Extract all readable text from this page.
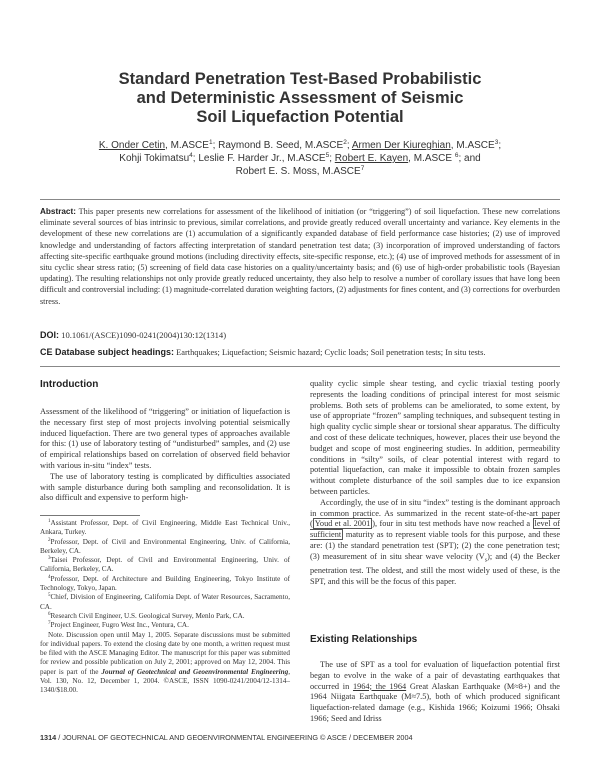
Standard Penetration Test-Based Probabilistic
and Deterministic Assessment of Seismic
Soil Liquefaction Potential
K. Onder Cetin, M.ASCE$^1$; Raymond B. Seed, M.ASCE$^2$; Armen Der Kiureghian, M.ASCE$^3$;
Kohji Tokimatsu$^4$; Leslie F. Harder Jr., M.ASCE$^5$; Robert E. Kayen, M.ASCE $^6$; and
Robert E. S. Moss, M.ASCE$^7$
Abstract: This paper presents new correlations for assessment of the likelihood of initiation (or “triggering”) of soil liquefaction. These new correlations eliminate several sources of bias intrinsic to previous, similar correlations, and provide greatly reduced overall uncertainty and variance. Key elements in the development of these new correlations are (1) accumulation of a significantly expanded database of field performance case histories; (2) use of improved knowledge and understanding of factors affecting interpretation of standard penetration test data; (3) incorporation of improved understanding of factors affecting site-specific earthquake ground motions (including directivity effects, site-specific response, etc.); (4) use of improved methods for assessment of in situ cyclic shear stress ratio; (5) screening of field data case histories on a quality/uncertainty basis; and (6) use of high-order probabilistic tools (Bayesian updating). The resulting relationships not only provide greatly reduced uncertainty, they also help to resolve a number of corollary issues that have long been difficult and controversial including: (1) magnitude-correlated duration weighting factors, (2) adjustments for fines content, and (3) corrections for overburden stress.
DOI: 10.1061/(ASCE)1090-0241(2004)130:12(1314)
CE Database subject headings: Earthquakes; Liquefaction; Seismic hazard; Cyclic loads; Soil penetration tests; In situ tests.
Introduction

Assessment of the likelihood of “triggering” or initiation of liquefaction is the necessary first step of most projects involving potential seismically induced liquefaction. There are two general types of approaches available for this: (1) use of laboratory testing of “undisturbed” samples, and (2) use of empirical relationships based on correlation of observed field behavior with various in-situ “index” tests.

The use of laboratory testing is complicated by difficulties associated with sample disturbance during both sampling and reconsolidation. It is also difficult and expensive to perform high-

$^1$Assistant Professor, Dept. of Civil Engineering, Middle East Technical Univ., Ankara, Turkey.

$^2$Professor, Dept. of Civil and Environmental Engineering, Univ. of California, Berkeley, CA.

$^3$Taisei Professor, Dept. of Civil and Environmental Engineering, Univ. of California, Berkeley, CA.

$^4$Professor, Dept. of Architecture and Building Engineering, Tokyo Institute of Technology, Tokyo, Japan.

$^5$Chief, Division of Engineering, California Dept. of Water Resources, Sacramento, CA.

$^6$Research Civil Engineer, U.S. Geological Survey, Menlo Park, CA.

$^7$Project Engineer, Fugro West Inc., Ventura, CA.

Note. Discussion open until May 1, 2005. Separate discussions must be submitted for individual papers. To extend the closing date by one month, a written request must be filed with the ASCE Managing Editor. The manuscript for this paper was submitted for review and possible publication on July 2, 2001; approved on May 12, 2004. This paper is part of the Journal of Geotechnical and Geoenvironmental Engineering, Vol. 130, No. 12, December 1, 2004. ©ASCE, ISSN 1090-0241/2004/12-1314–1340/$18.00.

quality cyclic simple shear testing, and cyclic triaxial testing poorly represents the loading conditions of principal interest for most seismic problems. Both sets of problems can be ameliorated, to some extent, by use of appropriate “frozen” sampling techniques, and subsequent testing in high quality cyclic simple shear or torsional shear apparatus. The difficulty and cost of these delicate techniques, however, places their use beyond the budget and scope of most engineering studies. In addition, permeability conditions in “silty” soils, of clear potential interest with regard to potential liquefaction, can make it impossible to obtain frozen samples without complete disturbance of the soil samples due to ice expansion between particles.

Accordingly, the use of in situ “index” testing is the dominant approach in common practice. As summarized in the recent state-of-the-art paper ( Youd et al. 2001 ), four in situ test methods have now reached a level of sufficient maturity as to represent viable tools for this purpose, and these are: (1) the standard penetration test (SPT); (2) the cone penetration test; (3) measurement of in situ shear wave velocity $(V_s)$; and (4) the Becker penetration test. The oldest, and still the most widely used of these, is the SPT, and this will be the focus of this paper.

Existing Relationships

The use of SPT as a tool for evaluation of liquefaction potential first began to evolve in the wake of a pair of devastating earthquakes that occurred in 1964; the 1964 Great Alaskan Earthquake (M≈8+) and the 1964 Niigata Earthquake (M≈7.5), both of which produced significant liquefaction-related damage (e.g., Kishida 1966; Koizumi 1966; Ohsaki 1966; Seed and Idriss

1314 / JOURNAL OF GEOTECHNICAL AND GEOENVIRONMENTAL ENGINEERING © ASCE / DECEMBER 2004
